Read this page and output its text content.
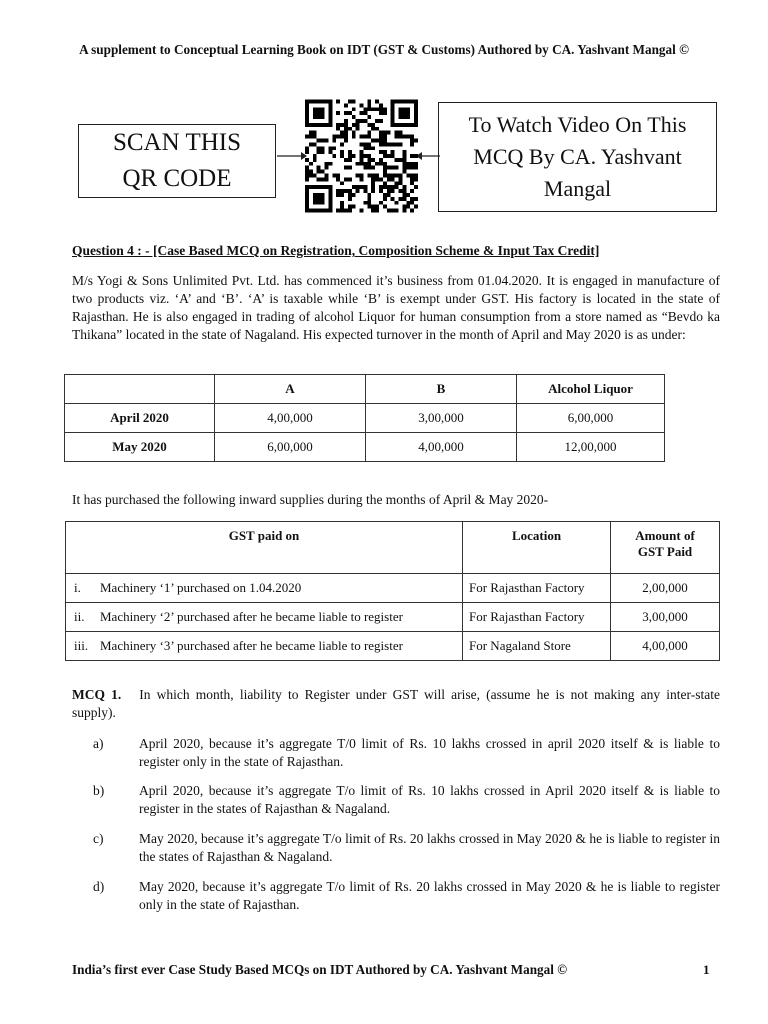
A supplement to Conceptual Learning Book on IDT (GST & Customs) Authored by CA. Yashvant Mangal ©
SCAN THIS
QR CODE
To Watch Video On This
MCQ By CA. Yashvant
Mangal
Question 4 : - [Case Based MCQ on Registration, Composition Scheme & Input Tax Credit]
M/s Yogi & Sons Unlimited Pvt. Ltd. has commenced it’s business from 01.04.2020. It is engaged in manufacture of two products viz. ‘A’ and ‘B’. ‘A’ is taxable while ‘B’ is exempt under GST. His factory is located in the state of Rajasthan. He is also engaged in trading of alcohol Liquor for human consumption from a store named as “Bevdo ka Thikana” located in the state of Nagaland. His expected turnover in the month of April and May 2020 is as under:
	A	B	Alcohol Liquor
April 2020	4,00,000	3,00,000	6,00,000
May 2020	6,00,000	4,00,000	12,00,000
It has purchased the following inward supplies during the months of April & May 2020-
GST paid on	Location	Amount of
GST Paid

i. Machinery ‘1’ purchased on 1.04.2020	For Rajasthan Factory	2,00,000
ii. Machinery ‘2’ purchased after he became liable to register	For Rajasthan Factory	3,00,000
iii. Machinery ‘3’ purchased after he became liable to register	For Nagaland Store	4,00,000
MCQ 1. In which month, liability to Register under GST will arise, (assume he is not making any inter-state supply).
a)	April 2020, because it’s aggregate T/0 limit of Rs. 10 lakhs crossed in april 2020 itself & is liable to register only in the state of Rajasthan.
b)	April 2020, because it’s aggregate T/o limit of Rs. 10 lakhs crossed in April 2020 itself & is liable to register in the states of Rajasthan & Nagaland.
c)	May 2020, because it’s aggregate T/o limit of Rs. 20 lakhs crossed in May 2020 & he is liable to register in the states of Rajasthan & Nagaland.
d)	May 2020, because it’s aggregate T/o limit of Rs. 20 lakhs crossed in May 2020 & he is liable to register only in the state of Rajasthan.
India’s first ever Case Study Based MCQs on IDT Authored by CA. Yashvant Mangal ©	1
